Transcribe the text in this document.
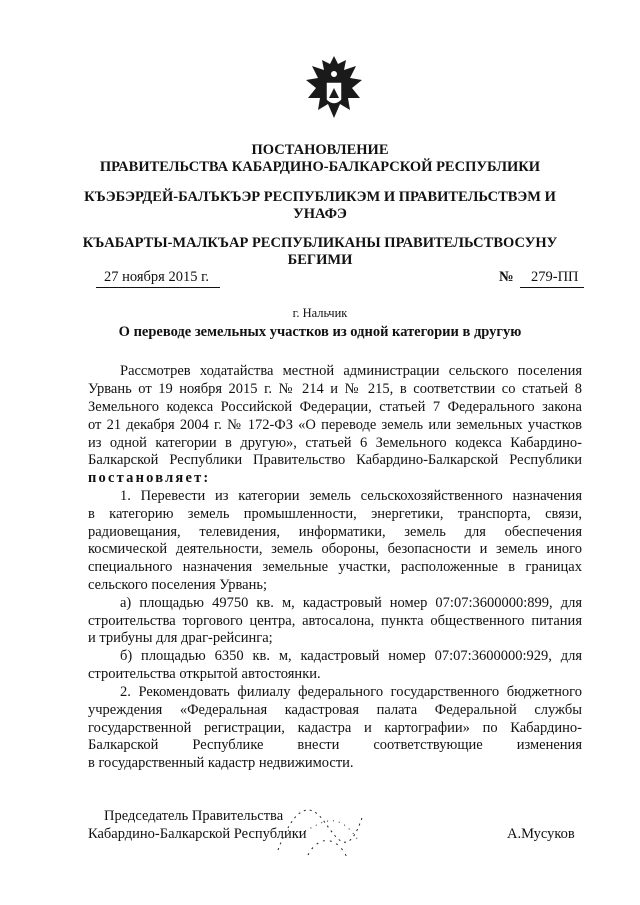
ПОСТАНОВЛЕНИЕ
ПРАВИТЕЛЬСТВА КАБАРДИНО-БАЛКАРСКОЙ РЕСПУБЛИКИ
КЪЭБЭРДЕЙ-БАЛЪКЪЭР РЕСПУБЛИКЭМ И ПРАВИТЕЛЬСТВЭМ И
УНАФЭ
КЪАБАРТЫ-МАЛКЪАР РЕСПУБЛИКАНЫ ПРАВИТЕЛЬСТВОСУНУ
БЕГИМИ
27 ноября 2015 г.	№ 279-ПП
г. Нальчик
О переводе земельных участков из одной категории в другую
Рассмотрев ходатайства местной администрации сельского поселения
Урвань от 19 ноября 2015 г. № 214 и № 215, в соответствии со статьей 8
Земельного кодекса Российской Федерации, статьей 7 Федерального закона
от 21 декабря 2004 г. № 172-ФЗ «О переводе земель или земельных участков
из одной категории в другую», статьей 6 Земельного кодекса Кабардино-
Балкарской Республики Правительство Кабардино-Балкарской Республики
постановляет:
1. Перевести из категории земель сельскохозяйственного назначения
в категорию земель промышленности, энергетики, транспорта, связи,
радиовещания, телевидения, информатики, земель для обеспечения
космической деятельности, земель обороны, безопасности и земель иного
специального назначения земельные участки, расположенные в границах
сельского поселения Урвань;
а) площадью 49750 кв. м, кадастровый номер 07:07:3600000:899, для
строительства торгового центра, автосалона, пункта общественного питания
и трибуны для драг-рейсинга;
б) площадью 6350 кв. м, кадастровый номер 07:07:3600000:929, для
строительства открытой автостоянки.
2. Рекомендовать филиалу федерального государственного бюджетного
учреждения «Федеральная кадастровая палата Федеральной службы
государственной регистрации, кадастра и картографии» по Кабардино-
Балкарской Республике внести соответствующие изменения
в государственный кадастр недвижимости.
Председатель Правительства
Кабардино-Балкарской Республики	А.Мусуков
